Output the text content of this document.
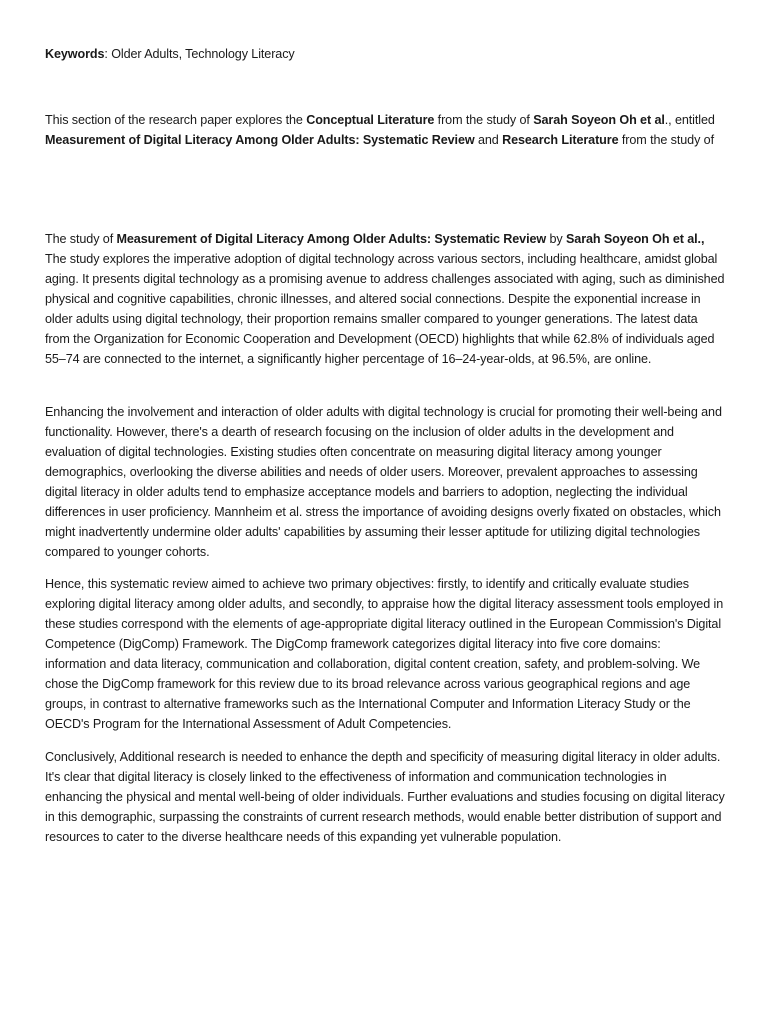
Keywords: Older Adults, Technology Literacy

This section of the research paper explores the Conceptual Literature from the study of Sarah Soyeon Oh et al., entitled Measurement of Digital Literacy Among Older Adults: Systematic Review and Research Literature from the study of

The study of Measurement of Digital Literacy Among Older Adults: Systematic Review by Sarah Soyeon Oh et al., The study explores the imperative adoption of digital technology across various sectors, including healthcare, amidst global aging. It presents digital technology as a promising avenue to address challenges associated with aging, such as diminished physical and cognitive capabilities, chronic illnesses, and altered social connections. Despite the exponential increase in older adults using digital technology, their proportion remains smaller compared to younger generations. The latest data from the Organization for Economic Cooperation and Development (OECD) highlights that while 62.8% of individuals aged 55–74 are connected to the internet, a significantly higher percentage of 16–24-year-olds, at 96.5%, are online.

Enhancing the involvement and interaction of older adults with digital technology is crucial for promoting their well-being and functionality. However, there's a dearth of research focusing on the inclusion of older adults in the development and evaluation of digital technologies. Existing studies often concentrate on measuring digital literacy among younger demographics, overlooking the diverse abilities and needs of older users. Moreover, prevalent approaches to assessing digital literacy in older adults tend to emphasize acceptance models and barriers to adoption, neglecting the individual differences in user proficiency. Mannheim et al. stress the importance of avoiding designs overly fixated on obstacles, which might inadvertently undermine older adults' capabilities by assuming their lesser aptitude for utilizing digital technologies compared to younger cohorts.

Hence, this systematic review aimed to achieve two primary objectives: firstly, to identify and critically evaluate studies exploring digital literacy among older adults, and secondly, to appraise how the digital literacy assessment tools employed in these studies correspond with the elements of age-appropriate digital literacy outlined in the European Commission's Digital Competence (DigComp) Framework. The DigComp framework categorizes digital literacy into five core domains: information and data literacy, communication and collaboration, digital content creation, safety, and problem-solving. We chose the DigComp framework for this review due to its broad relevance across various geographical regions and age groups, in contrast to alternative frameworks such as the International Computer and Information Literacy Study or the OECD's Program for the International Assessment of Adult Competencies.

Conclusively, Additional research is needed to enhance the depth and specificity of measuring digital literacy in older adults. It's clear that digital literacy is closely linked to the effectiveness of information and communication technologies in enhancing the physical and mental well-being of older individuals. Further evaluations and studies focusing on digital literacy in this demographic, surpassing the constraints of current research methods, would enable better distribution of support and resources to cater to the diverse healthcare needs of this expanding yet vulnerable population.
